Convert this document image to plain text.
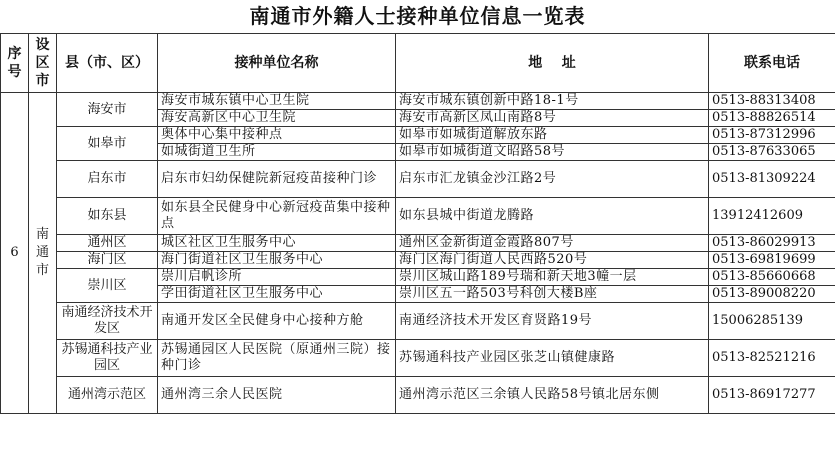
南通市外籍人士接种单位信息一览表
序号	设区市	县（市、区）	接种单位名称	地    址	联系电话
6	南通市	海安市	海安市城东镇中心卫生院	海安市城东镇创新中路18-1号	0513-88313408
			海安高新区中心卫生院	海安市高新区凤山南路8号	0513-88826514
		如皋市	奥体中心集中接种点	如皋市如城街道解放东路	0513-87312996
			如城街道卫生所	如皋市如城街道文昭路58号	0513-87633065
		启东市	启东市妇幼保健院新冠疫苗接种门诊	启东市汇龙镇金沙江路2号	0513-81309224
		如东县	如东县全民健身中心新冠疫苗集中接种点	如东县城中街道龙腾路	13912412609
		通州区	城区社区卫生服务中心	通州区金新街道金霞路807号	0513-86029913
		海门区	海门街道社区卫生服务中心	海门区海门街道人民西路520号	0513-69819699
		崇川区	崇川启帆诊所	崇川区城山路189号瑞和新天地3幢一层	0513-85660668
			学田街道社区卫生服务中心	崇川区五一路503号科创大楼B座	0513-89008220
		南通经济技术开发区	南通开发区全民健身中心接种方舱	南通经济技术开发区育贤路19号	15006285139
		苏锡通科技产业园区	苏锡通园区人民医院（原通州三院）接种门诊	苏锡通科技产业园区张芝山镇健康路	0513-82521216
		通州湾示范区	通州湾三余人民医院	通州湾示范区三余镇人民路58号镇北居东侧	0513-86917277
